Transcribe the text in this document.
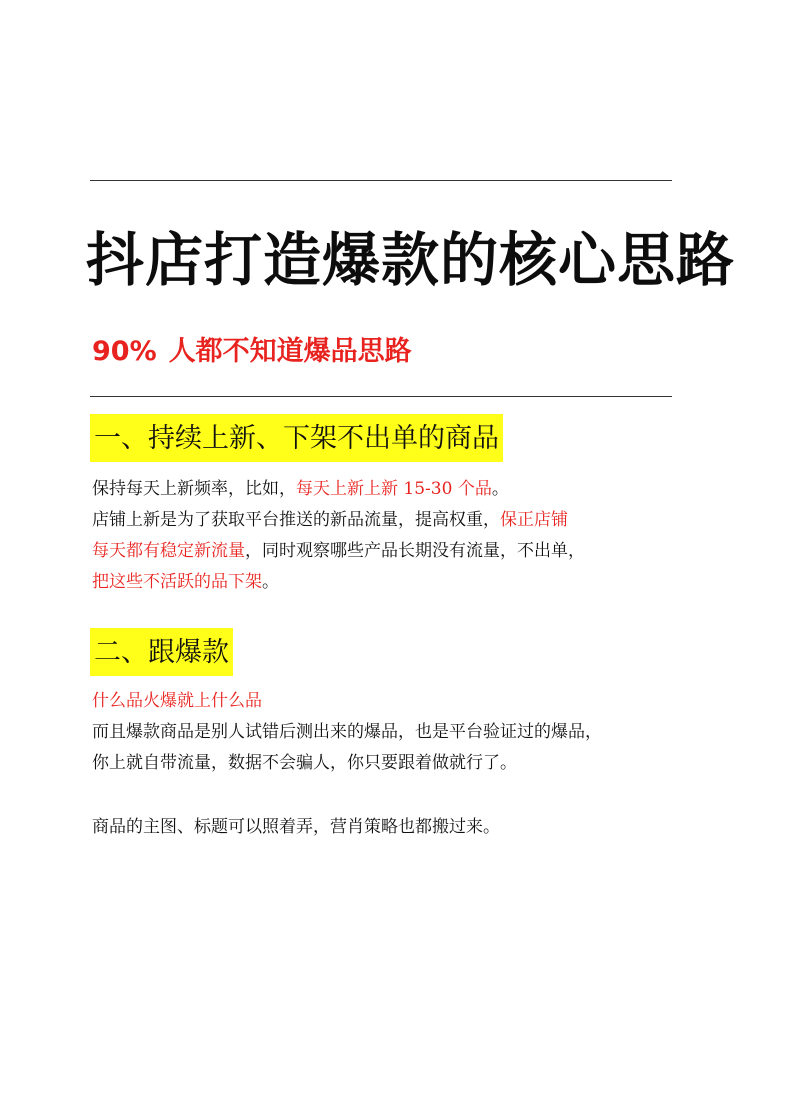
抖店打造爆款的核心思路

90% 人都不知道爆品思路

一、持续上新、下架不出单的商品
保持每天上新频率，比如，每天上新上新 15-30 个品。
店铺上新是为了获取平台推送的新品流量，提高权重，保正店铺
每天都有稳定新流量，同时观察哪些产品长期没有流量，不出单，
把这些不活跃的品下架。
二、跟爆款
什么品火爆就上什么品
而且爆款商品是别人试错后测出来的爆品，也是平台验证过的爆品，
你上就自带流量，数据不会骗人，你只要跟着做就行了。
商品的主图、标题可以照着弄，营肖策略也都搬过来。
